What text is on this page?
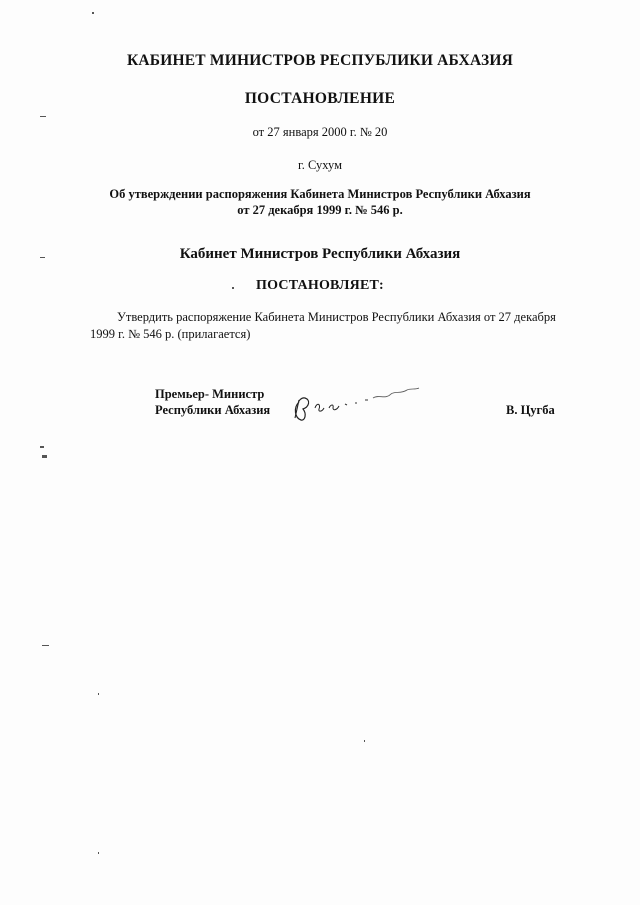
КАБИНЕТ МИНИСТРОВ РЕСПУБЛИКИ АБХАЗИЯ
ПОСТАНОВЛЕНИЕ
от 27 января 2000 г. № 20
г. Сухум
Об утверждении распоряжения Кабинета Министров Республики Абхазия
от 27 декабря 1999 г. № 546 р.
Кабинет Министров Республики Абхазия
ПОСТАНОВЛЯЕТ:
Утвердить распоряжение Кабинета Министров Республики Абхазия от 27 декабря
1999 г. № 546 р. (прилагается)
Премьер- Министр
Республики Абхазия	В. Цугба
